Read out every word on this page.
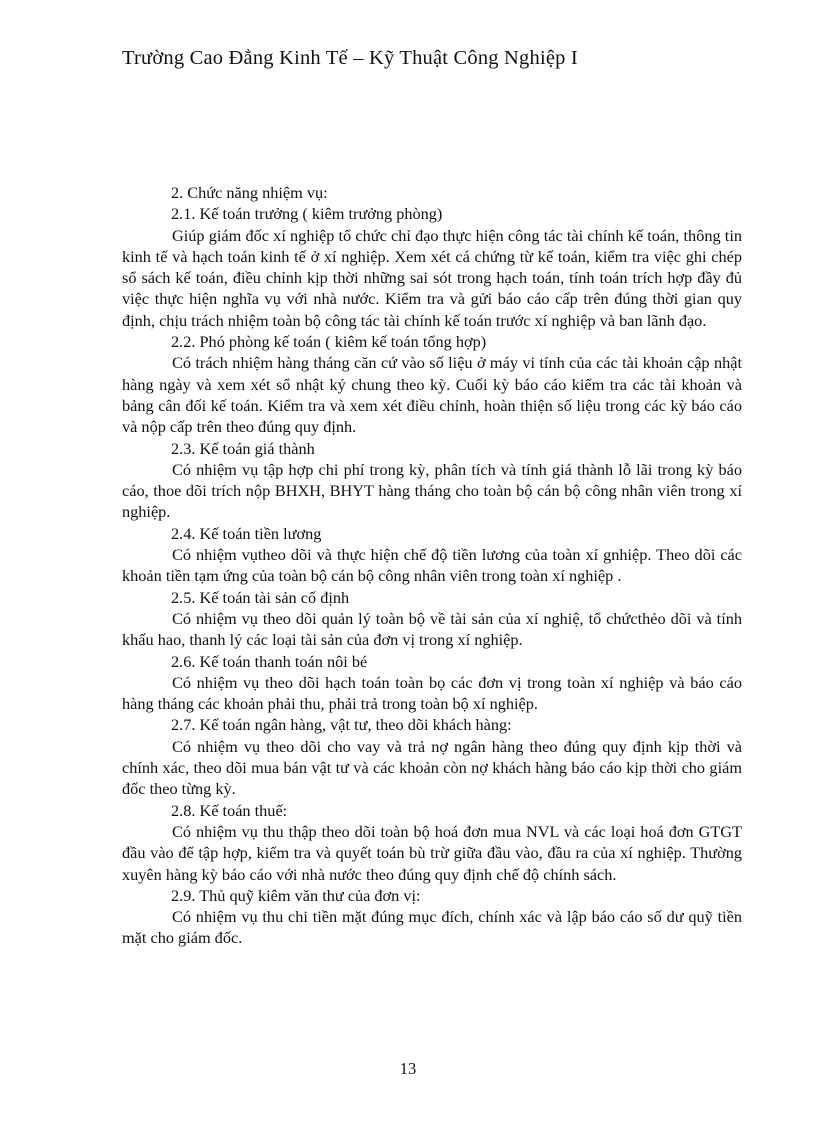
Trường Cao Đẳng Kinh Tế – Kỹ Thuật Công Nghiệp I

2. Chức năng nhiệm vụ:

2.1. Kế toán trưởng ( kiêm trưởng phòng)

Giúp giám đốc xí nghiệp tổ chức chỉ đạo thực hiện công tác tài chính kế toán, thông tin kinh tế và hạch toán kinh tế ở xí nghiệp. Xem xét cá chứng từ kế toán, kiểm tra việc ghi chép sổ sách kế toán, điều chỉnh kịp thời những sai sót trong hạch toán, tính toán trích hợp đầy đủ việc thực hiện nghĩa vụ với nhà nước. Kiểm tra và gửi báo cáo cấp trên đúng thời gian quy định, chịu trách nhiệm toàn bộ công tác tài chính kế toán trước xí nghiệp và ban lãnh đạo.

2.2. Phó phòng kế toán ( kiêm kế toán tổng hợp)

Có trách nhiệm hàng tháng căn cứ vào số liệu ở máy vi tính của các tài khoản cập nhật hàng ngày và xem xét sổ nhật ký chung theo kỳ. Cuối kỳ báo cáo kiểm tra các tài khoản và bảng cân đối kế toán. Kiểm tra và xem xét điều chỉnh, hoàn thiện số liệu trong các kỳ báo cáo và nộp cấp trên theo đúng quy định.

2.3. Kế toán giá thành

Có nhiệm vụ tập hợp chi phí trong kỳ, phân tích và tính giá thành lỗ lãi trong kỳ báo cáo, thoe dõi trích nộp BHXH, BHYT hàng tháng cho toàn bộ cán bộ công nhân viên trong xí nghiệp.

2.4. Kế toán tiền lương

Có nhiệm vụtheo dõi và thực hiện chế độ tiền lương của toàn xí gnhiệp. Theo dõi các khoản tiền tạm ứng của toàn bộ cán bộ công nhân viên trong toàn xí nghiệp .

2.5. Kế toán tài sản cố định

Có nhiệm vụ theo dõi quản lý toàn bộ về tài sản của xí nghiệ, tổ chứcthẻo dõi và tính khấu hao, thanh lý các loại tài sản của đơn vị trong xí nghiệp.

2.6. Kế toán thanh toán nôi bé

Có nhiệm vụ theo dõi hạch toán toàn bọ các đơn vị trong toàn xí nghiệp và báo cáo hàng tháng các khoản phải thu, phải trả trong toàn bộ xí nghiệp.

2.7. Kế toán ngân hàng, vật tư, theo dõi khách hàng:

Có nhiệm vụ theo dõi cho vay và trả nợ ngân hàng theo đúng quy định kịp thời và chính xác, theo dõi mua bán vật tư và các khoản còn nợ khách hàng báo cáo kịp thời cho giám đốc theo từng kỳ.

2.8. Kế toán thuế:

Có nhiệm vụ thu thập theo dõi toàn bộ hoá đơn mua NVL và các loại hoá đơn GTGT đầu vào để tập hợp, kiểm tra và quyết toán bù trừ giữa đầu vào, đầu ra của xí nghiệp. Thường xuyên hàng kỳ báo cáo với nhà nước theo đúng quy định chế độ chính sách.

2.9. Thủ quỹ kiêm văn thư của đơn vị:

Có nhiệm vụ thu chi tiền mặt đúng mục đích, chính xác và lập báo cáo số dư quỹ tiền mặt cho giám đốc.

13
